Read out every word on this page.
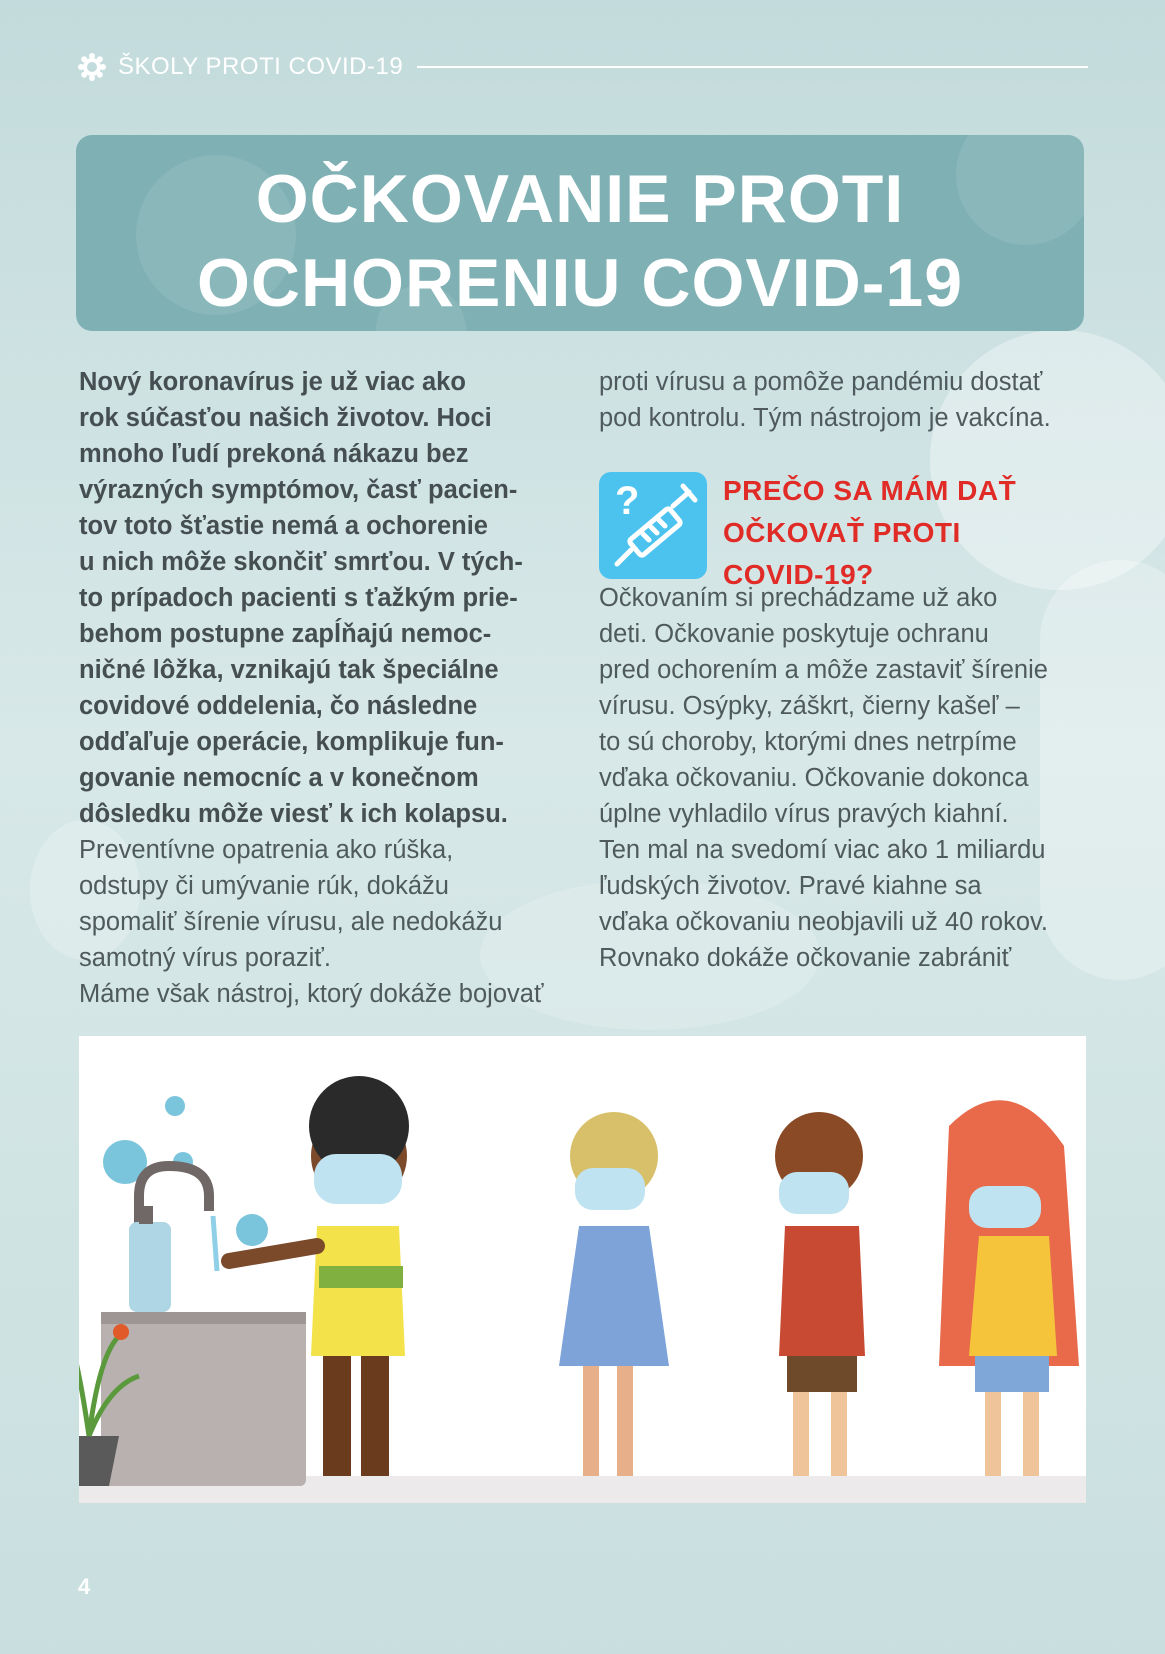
ŠKOLY PROTI COVID-19
OČKOVANIE PROTI
OCHORENIU COVID-19
Nový koronavírus je už viac ako
rok súčasťou našich životov. Hoci
mnoho ľudí prekoná nákazu bez
výrazných symptómov, časť pacien-
tov toto šťastie nemá a ochorenie
u nich môže skončiť smrťou. V tých-
to prípadoch pacienti s ťažkým prie-
behom postupne zapĺňajú nemoc-
ničné lôžka, vznikajú tak špeciálne
covidové oddelenia, čo následne
odďaľuje operácie, komplikuje fun-
govanie nemocníc a v konečnom
dôsledku môže viesť k ich kolapsu.
Preventívne opatrenia ako rúška,
odstupy či umývanie rúk, dokážu
spomaliť šírenie vírusu, ale nedokážu
samotný vírus poraziť.
Máme však nástroj, ktorý dokáže bojovať
proti vírusu a pomôže pandémiu dostať
pod kontrolu. Tým nástrojom je vakcína.
?	PREČO SA MÁM DAŤ
OČKOVAŤ PROTI
COVID-19?
Očkovaním si prechádzame už ako
deti. Očkovanie poskytuje ochranu
pred ochorením a môže zastaviť šírenie
vírusu. Osýpky, záškrt, čierny kašeľ –
to sú choroby, ktorými dnes netrpíme
vďaka očkovaniu. Očkovanie dokonca
úplne vyhladilo vírus pravých kiahní.
Ten mal na svedomí viac ako 1 miliardu
ľudských životov. Pravé kiahne sa
vďaka očkovaniu neobjavili už 40 rokov.
Rovnako dokáže očkovanie zabrániť
4
